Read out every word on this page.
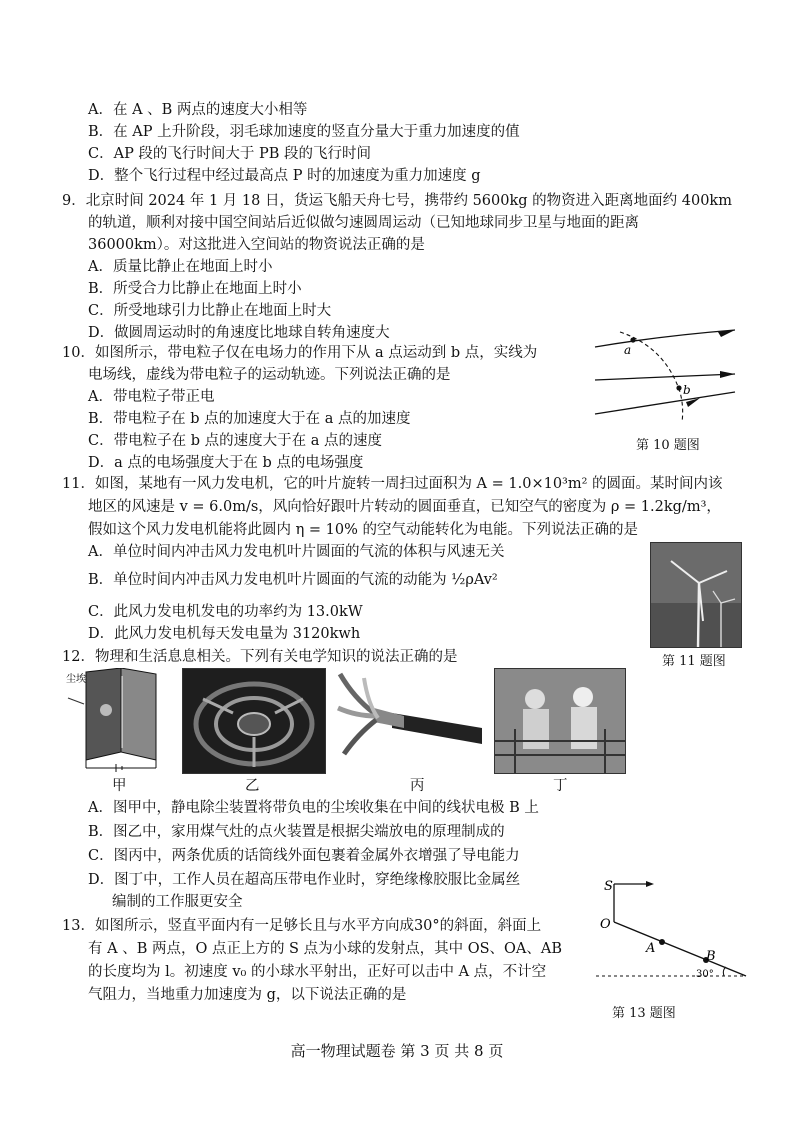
A．在 A 、B 两点的速度大小相等
B．在 AP 上升阶段，羽毛球加速度的竖直分量大于重力加速度的值
C．AP 段的飞行时间大于 PB 段的飞行时间
D．整个飞行过程中经过最高点 P 时的加速度为重力加速度 g
9．北京时间 2024 年 1 月 18 日，货运飞船天舟七号，携带约 5600kg 的物资进入距离地面约 400km
的轨道，顺利对接中国空间站后近似做匀速圆周运动（已知地球同步卫星与地面的距离
36000km）。对这批进入空间站的物资说法正确的是
A．质量比静止在地面上时小
B．所受合力比静止在地面上时小
C．所受地球引力比静止在地面上时大
D．做圆周运动时的角速度比地球自转角速度大
10．如图所示，带电粒子仅在电场力的作用下从 a 点运动到 b 点，实线为
电场线，虚线为带电粒子的运动轨迹。下列说法正确的是
A．带电粒子带正电
B．带电粒子在 b 点的加速度大于在 a 点的加速度
C．带电粒子在 b 点的速度大于在 a 点的速度
D．a 点的电场强度大于在 b 点的电场强度
a
b
第 10 题图
11．如图，某地有一风力发电机，它的叶片旋转一周扫过面积为 A = 1.0×10³m² 的圆面。某时间内该
地区的风速是 v = 6.0m/s，风向恰好跟叶片转动的圆面垂直，已知空气的密度为 ρ = 1.2kg/m³，
假如这个风力发电机能将此圆内 η = 10% 的空气动能转化为电能。下列说法正确的是
A．单位时间内冲击风力发电机叶片圆面的气流的体积与风速无关
B．单位时间内冲击风力发电机叶片圆面的气流的动能为 ½ρAv²
C．此风力发电机发电的功率约为 13.0kW
D．此风力发电机每天发电量为 3120kwh
第 11 题图
12．物理和生活息息相关。下列有关电学知识的说法正确的是
尘埃
甲	乙	丙	丁
A．图甲中，静电除尘装置将带负电的尘埃收集在中间的线状电极 B 上
B．图乙中，家用煤气灶的点火装置是根据尖端放电的原理制成的
C．图丙中，两条优质的话筒线外面包裹着金属外衣增强了导电能力
D．图丁中，工作人员在超高压带电作业时，穿绝缘橡胶服比金属丝
编制的工作服更安全
13．如图所示，竖直平面内有一足够长且与水平方向成30°的斜面，斜面上
有 A 、B 两点，O 点正上方的 S 点为小球的发射点，其中 OS、OA、AB
的长度均为 l。初速度 v₀ 的小球水平射出，正好可以击中 A 点，不计空
气阻力，当地重力加速度为 g，以下说法正确的是
S
O
A
B
30°
第 13 题图
高一物理试题卷 第 3 页 共 8 页
